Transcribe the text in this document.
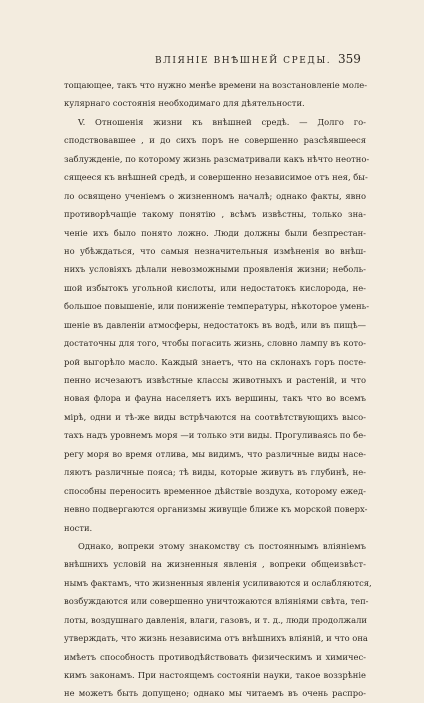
ВЛІЯНІЕ ВНѢШНЕЙ СРЕДЫ. 359
тощающее, такъ что нужно менѣе времени на возстановленіе моле-
кулярнаго состоянія необходимаго для дѣятельности.
V. Отношенія жизни къ внѣшней средѣ. — Долго го-
сподствовавшее , и до сихъ поръ не совершенно разсѣявшееся
заблужденіе, по которому жизнь разсматривали какъ нѣчто неотно-
сящееся къ внѣшней средѣ, и совершенно независимое отъ нея, бы-
ло освящено ученіемъ о жизненномъ началѣ; однако факты, явно
противорѣчащіе такому понятію , всѣмъ извѣстны, только зна-
ченіе ихъ было понято ложно. Люди должны были безпрестан-
но убѣждаться, что самыя незначительныя измѣненія во внѣш-
нихъ условіяхъ дѣлали невозможными проявленія жизни; неболь-
шой избытокъ угольной кислоты, или недостатокъ кислорода, не-
большое повышеніе, или пониженіе температуры, нѣкоторое умень-
шеніе въ давленіи атмосферы, недостатокъ въ водѣ, или въ пищѣ—
достаточны для того, чтобы погасить жизнь, словно лампу въ кото-
рой выгорѣло масло. Каждый знаетъ, что на склонахъ горъ посте-
пенно исчезаютъ извѣстные классы животныхъ и растеній, и что
новая флора и фауна населяетъ ихъ вершины, такъ что во всемъ
мірѣ, одни и тѣ-же виды встрѣчаются на соотвѣтствующихъ высо-
тахъ надъ уровнемъ моря —и только эти виды. Прогуливаясь по бе-
регу моря во время отлива, мы видимъ, что различные виды насе-
ляютъ различные пояса; тѣ виды, которые живутъ въ глубинѣ, не-
способны переносить временное дѣйствіе воздуха, которому ежед-
невно подвергаются организмы живущіе ближе къ морской поверх-
ности.
Однако, вопреки этому знакомству съ постояннымъ вліяніемъ
внѣшнихъ условій на жизненныя явленія , вопреки общеизвѣст-
нымъ фактамъ, что жизненныя явленія усиливаются и ослабляются,
возбуждаются или совершенно уничтожаются вліяніями свѣта, теп-
лоты, воздушнаго давленія, влаги, газовъ, и т. д., люди продолжали
утверждать, что жизнь независима отъ внѣшнихъ вліяній, и что она
имѣетъ способность противодѣйствовать физическимъ и химичес-
кимъ законамъ. При настоящемъ состояніи науки, такое воззрѣніе
не можетъ быть допущено; однако мы читаемъ въ очень распро-
